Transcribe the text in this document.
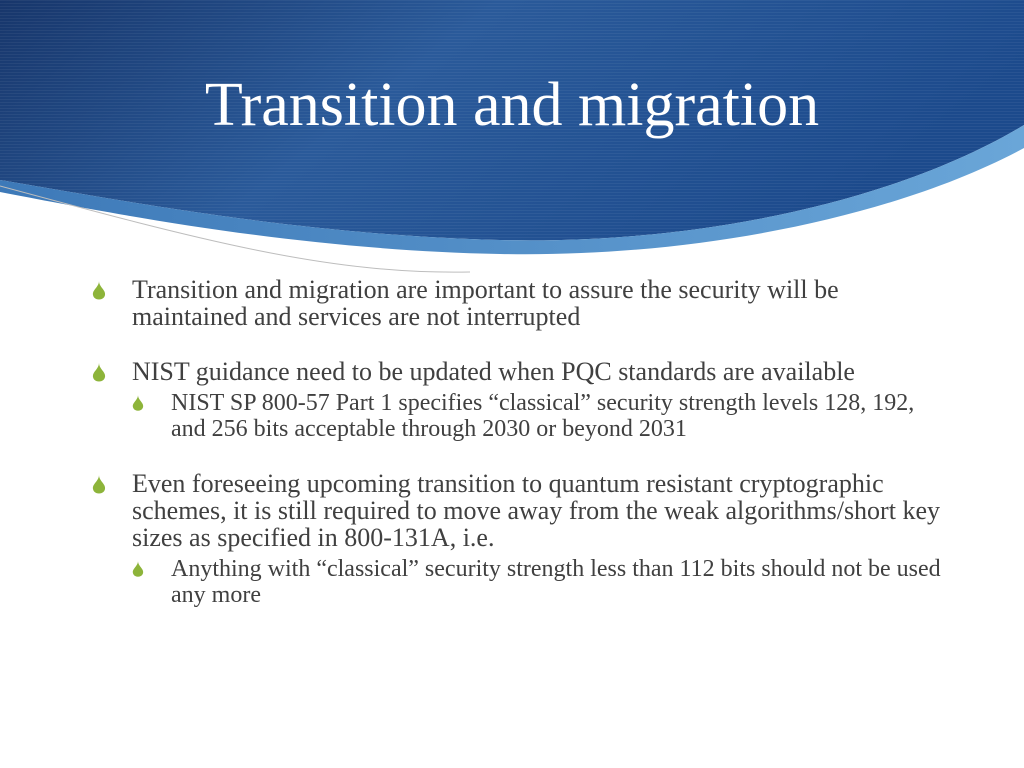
Transition and migration
Transition and migration are important to assure the security will be maintained and services are not interrupted
NIST guidance need to be updated when PQC standards are available
NIST SP 800-57 Part 1 specifies “classical” security strength levels 128, 192, and 256 bits acceptable through 2030 or beyond 2031
Even foreseeing upcoming transition to quantum resistant cryptographic schemes, it is still required to move away from the weak algorithms/short key sizes as specified in 800-131A, i.e.
Anything with “classical” security strength less than 112 bits should not be used any more
